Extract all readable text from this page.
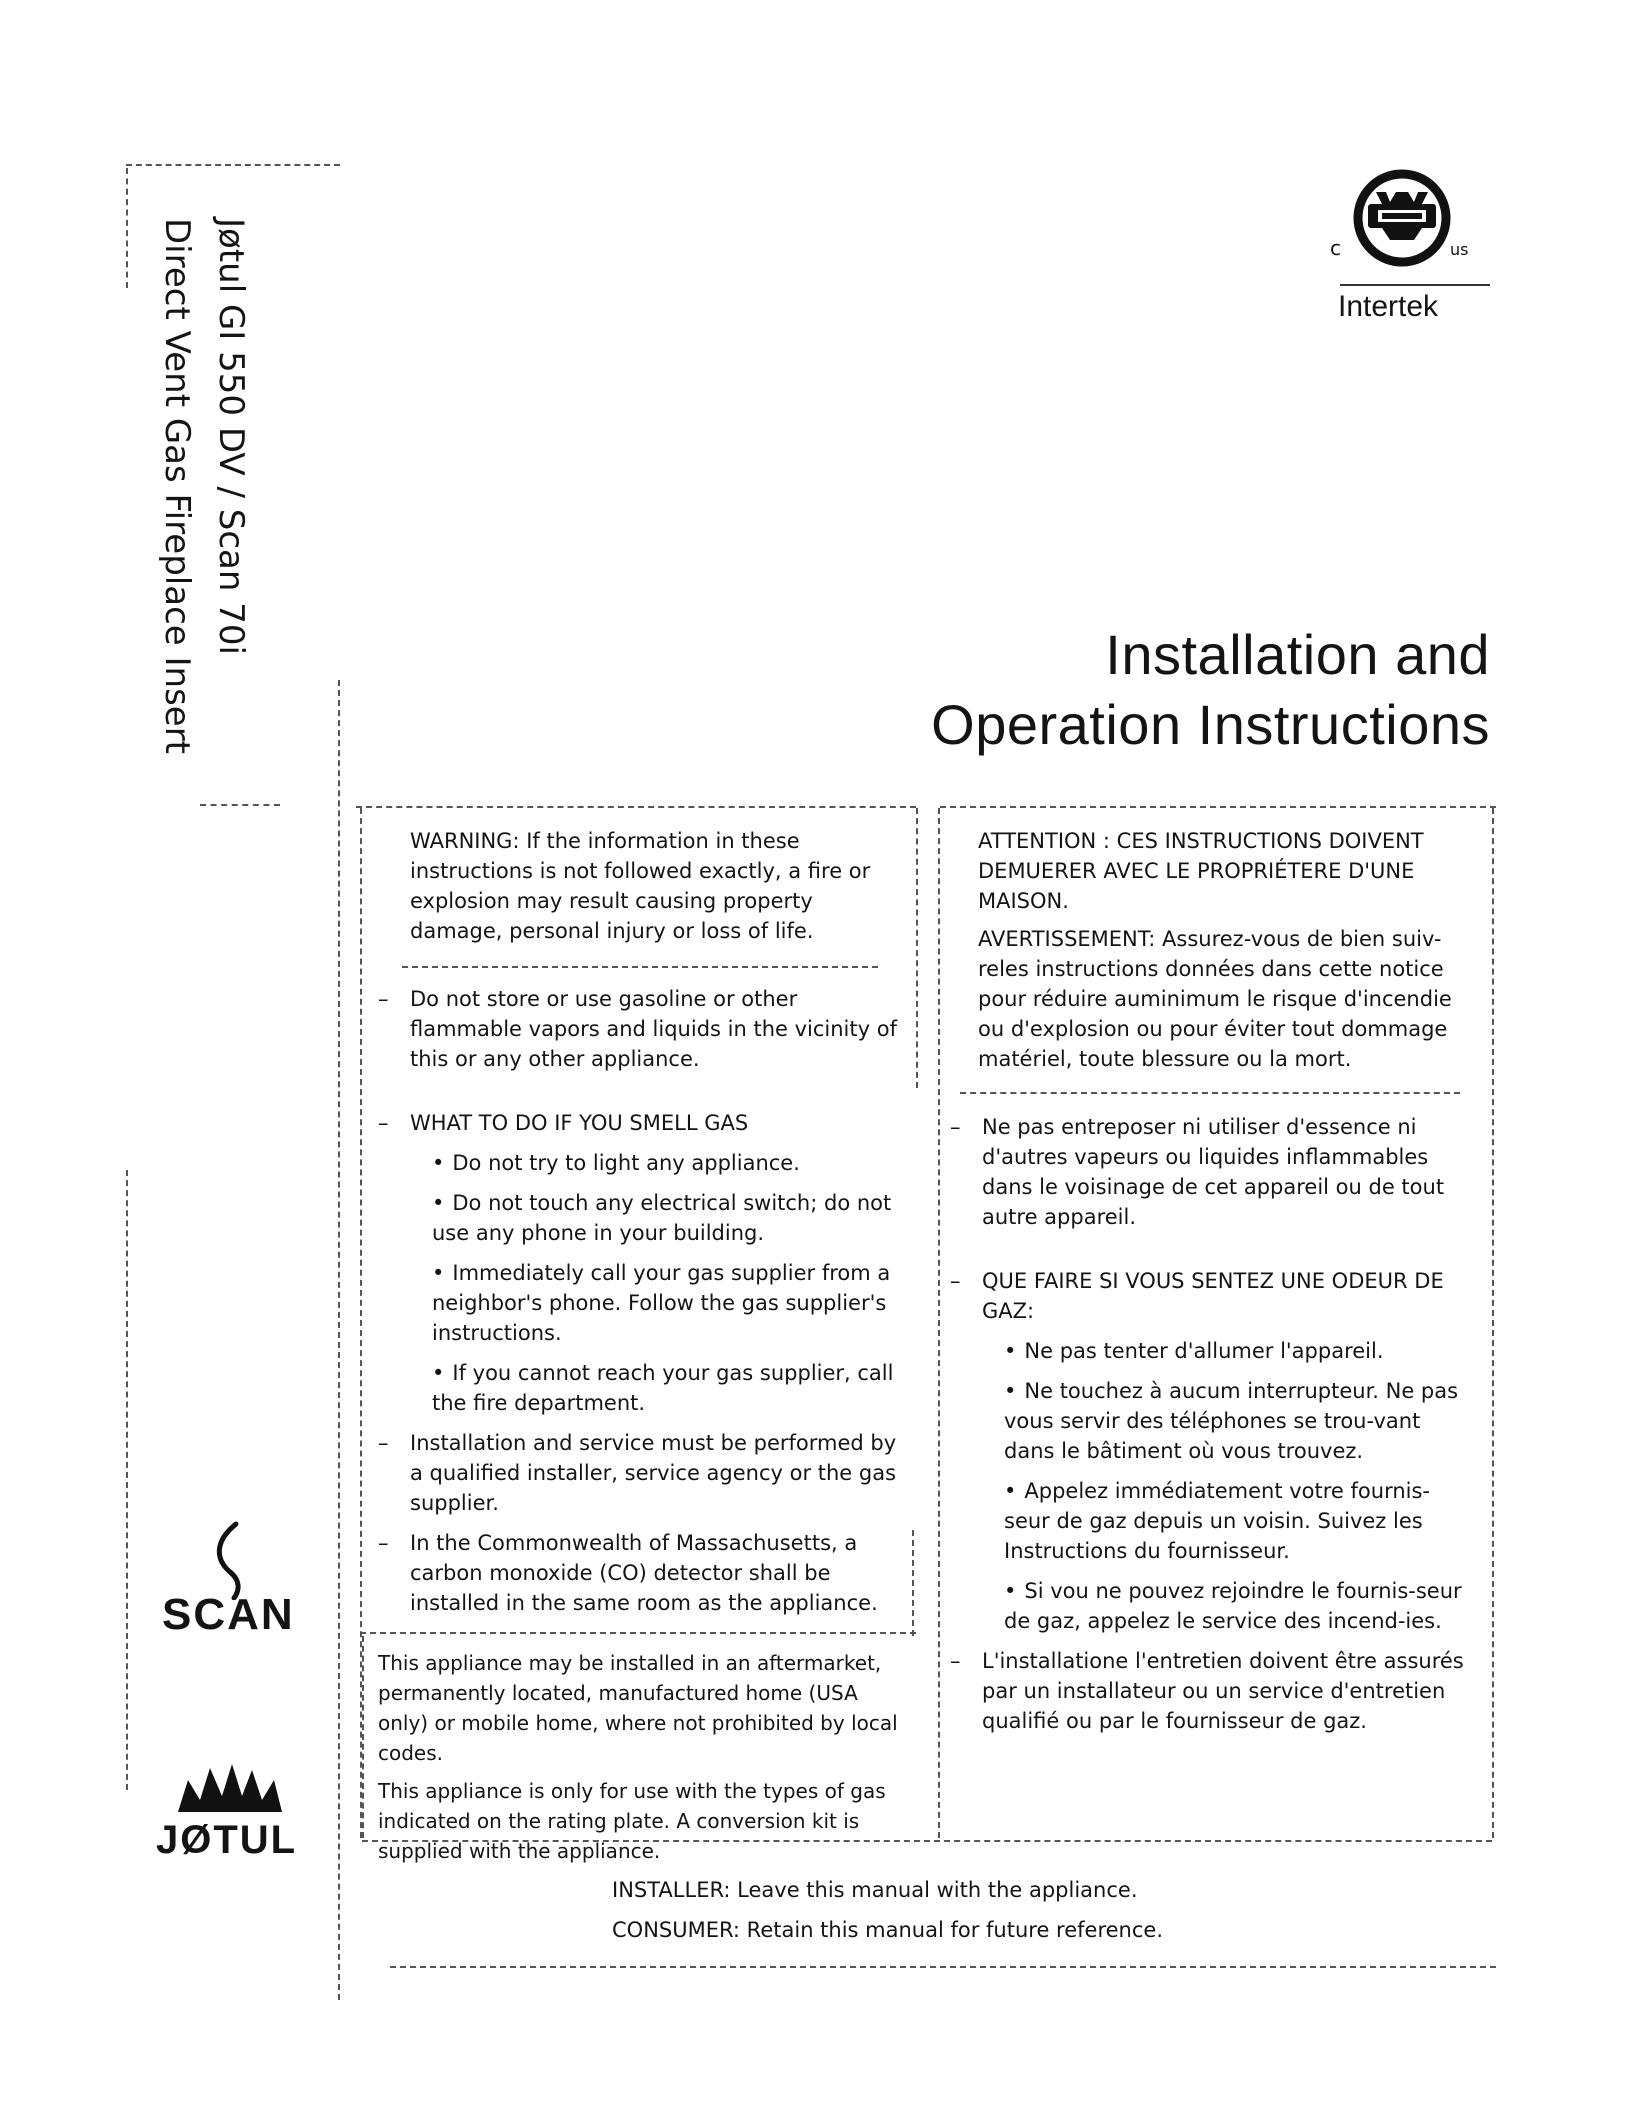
Jøtul GI 550 DV / Scan 70i
Direct Vent Gas Fireplace Insert	c	us
Intertek
Installation and
Operation Instructions

WARNING: If the information in these instructions is not followed exactly, a fire or explosion may result causing property damage, personal injury or loss of life.

– Do not store or use gasoline or other flammable vapors and liquids in the vicinity of this or any other appliance.
– WHAT TO DO IF YOU SMELL GAS
• Do not try to light any appliance.
• Do not touch any electrical switch; do not use any phone in your building.
• Immediately call your gas supplier from a neighbor's phone. Follow the gas supplier's instructions.
• If you cannot reach your gas supplier, call the fire department.
– Installation and service must be performed by a qualified installer, service agency or the gas supplier.
– In the Commonwealth of Massachusetts, a carbon monoxide (CO) detector shall be installed in the same room as the appliance.

This appliance may be installed in an aftermarket, permanently located, manufactured home (USA only) or mobile home, where not prohibited by local codes.

This appliance is only for use with the types of gas indicated on the rating plate. A conversion kit is supplied with the appliance.

ATTENTION : CES INSTRUCTIONS DOIVENT DEMUERER AVEC LE PROPRIÉTERE D'UNE MAISON.

AVERTISSEMENT: Assurez-vous de bien suiv-reles instructions données dans cette notice pour réduire auminimum le risque d'incendie ou d'explosion ou pour éviter tout dommage matériel, toute blessure ou la mort.

– Ne pas entreposer ni utiliser d'essence ni d'autres vapeurs ou liquides inflammables dans le voisinage de cet appareil ou de tout autre appareil.
– QUE FAIRE SI VOUS SENTEZ UNE ODEUR DE GAZ:
• Ne pas tenter d'allumer l'appareil.
• Ne touchez à aucum interrupteur. Ne pas vous servir des téléphones se trou-vant dans le bâtiment où vous trouvez.
• Appelez immédiatement votre fournis-seur de gaz depuis un voisin. Suivez les Instructions du fournisseur.
• Si vou ne pouvez rejoindre le fournis-seur de gaz, appelez le service des incend-ies.
– L'installatione l'entretien doivent être assurés par un installateur ou un service d'entretien qualifié ou par le fournisseur de gaz.
SCAN
JØTUL
INSTALLER: Leave this manual with the appliance.
CONSUMER: Retain this manual for future reference.
